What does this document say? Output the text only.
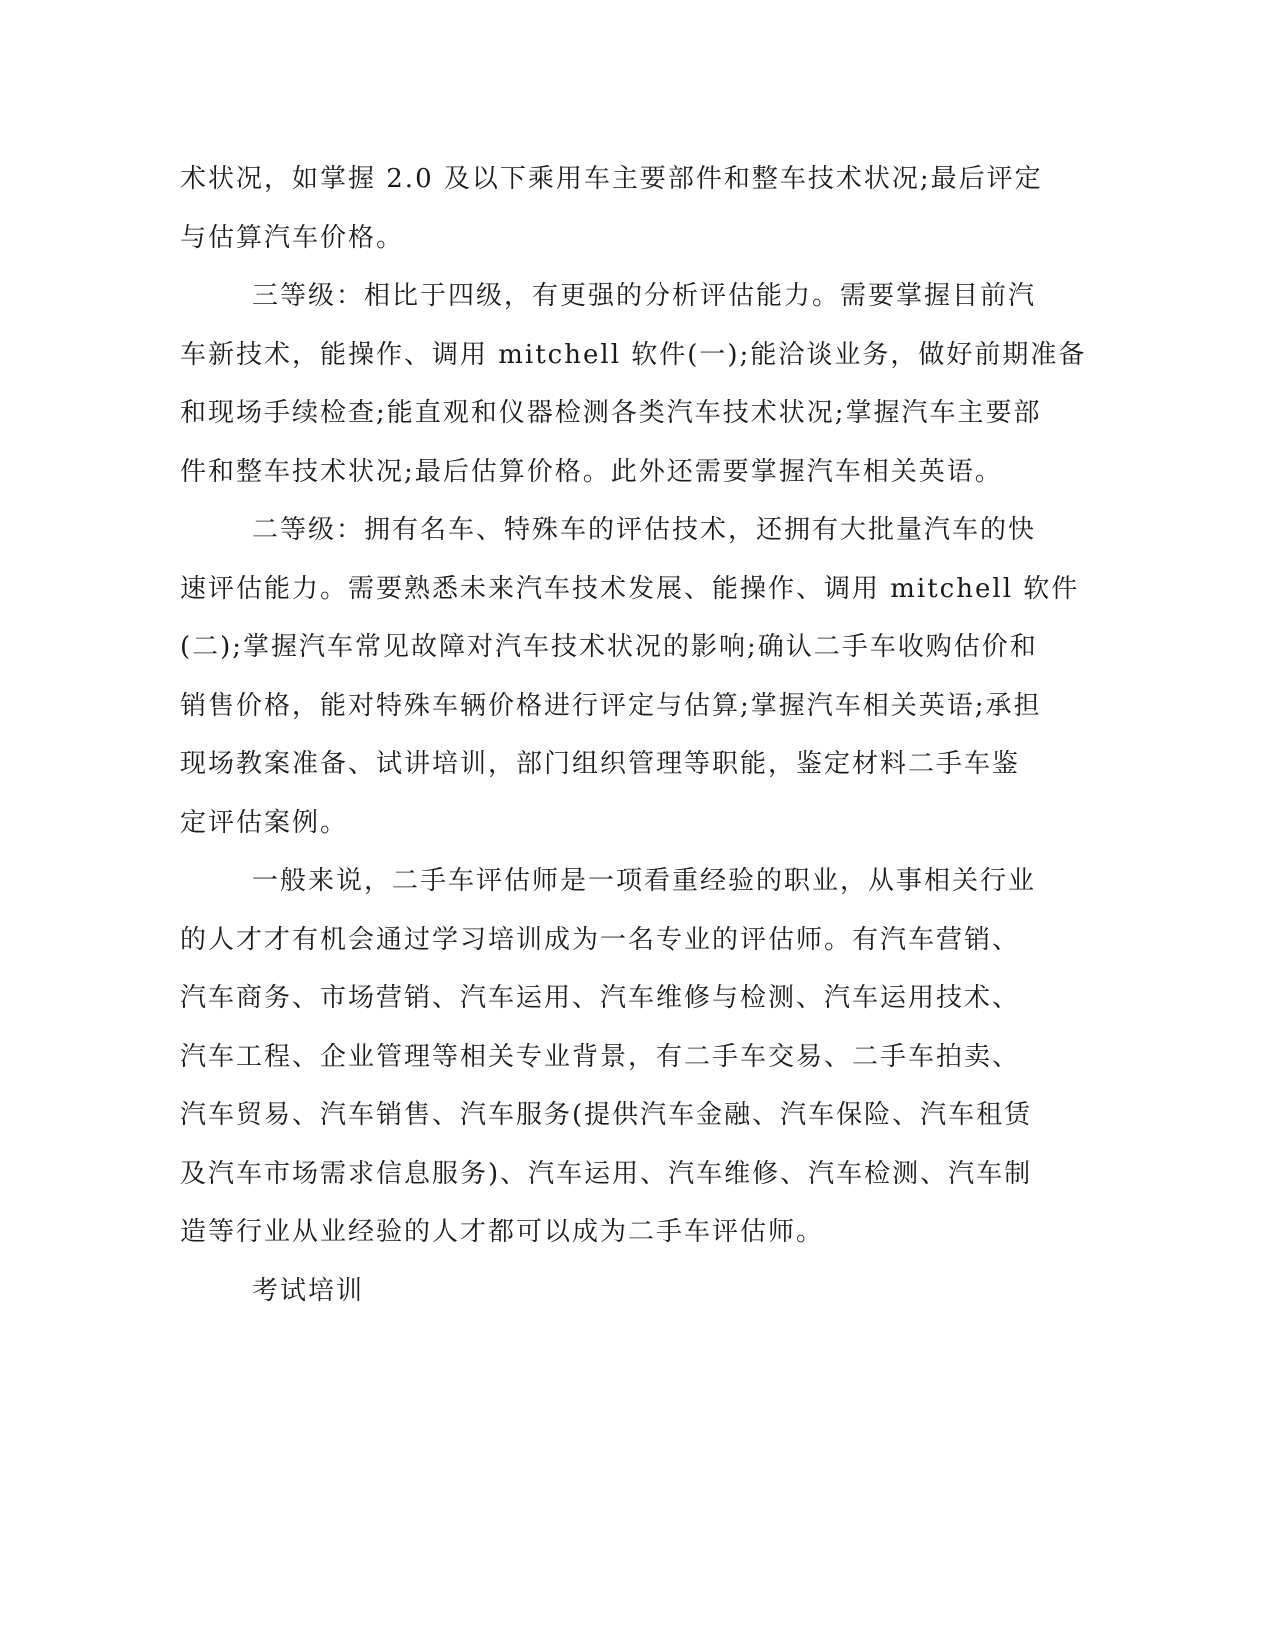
术状况，如掌握 2.0 及以下乘用车主要部件和整车技术状况;最后评定
与估算汽车价格。
三等级：相比于四级，有更强的分析评估能力。需要掌握目前汽
车新技术，能操作、调用 mitchell 软件(一);能洽谈业务，做好前期准备
和现场手续检查;能直观和仪器检测各类汽车技术状况;掌握汽车主要部
件和整车技术状况;最后估算价格。此外还需要掌握汽车相关英语。
二等级：拥有名车、特殊车的评估技术，还拥有大批量汽车的快
速评估能力。需要熟悉未来汽车技术发展、能操作、调用 mitchell 软件
(二);掌握汽车常见故障对汽车技术状况的影响;确认二手车收购估价和
销售价格，能对特殊车辆价格进行评定与估算;掌握汽车相关英语;承担
现场教案准备、试讲培训，部门组织管理等职能，鉴定材料二手车鉴
定评估案例。
一般来说，二手车评估师是一项看重经验的职业，从事相关行业
的人才才有机会通过学习培训成为一名专业的评估师。有汽车营销、
汽车商务、市场营销、汽车运用、汽车维修与检测、汽车运用技术、
汽车工程、企业管理等相关专业背景，有二手车交易、二手车拍卖、
汽车贸易、汽车销售、汽车服务(提供汽车金融、汽车保险、汽车租赁
及汽车市场需求信息服务)、汽车运用、汽车维修、汽车检测、汽车制
造等行业从业经验的人才都可以成为二手车评估师。
考试培训
